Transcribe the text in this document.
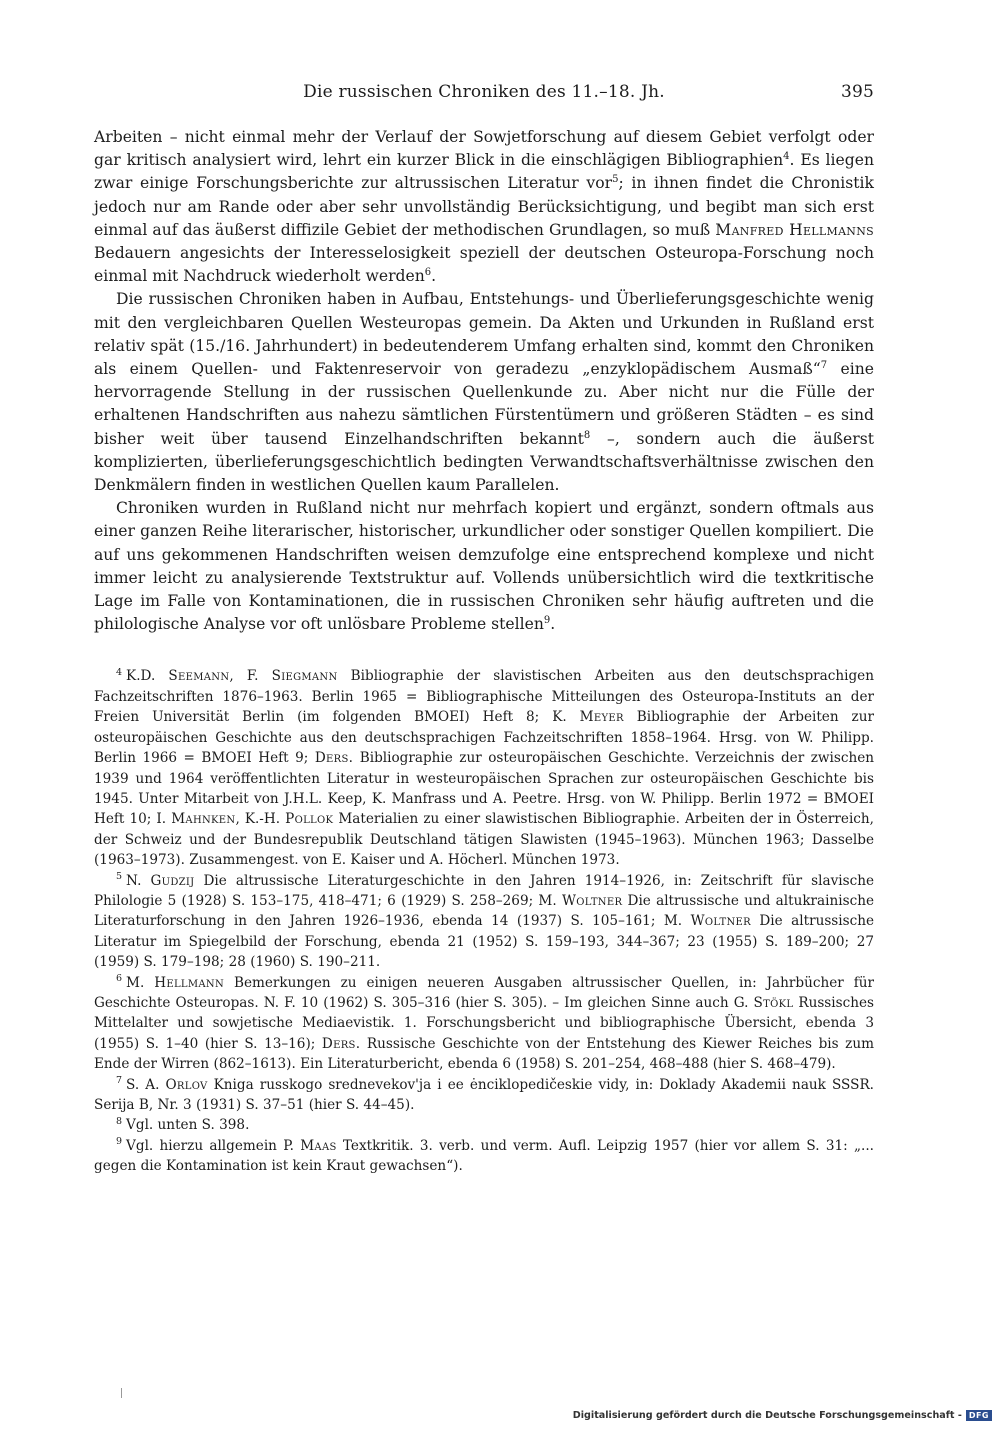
Die russischen Chroniken des 11.–18. Jh.	395

Arbeiten – nicht einmal mehr der Verlauf der Sowjetforschung auf diesem Gebiet verfolgt oder gar kritisch analysiert wird, lehrt ein kurzer Blick in die einschlägigen Bibliographien$^4$. Es liegen zwar einige Forschungsberichte zur altrussischen Literatur vor$^5$; in ihnen findet die Chronistik jedoch nur am Rande oder aber sehr unvollständig Berücksichtigung, und begibt man sich erst einmal auf das äußerst diffizile Gebiet der methodischen Grundlagen, so muß Manfred Hellmanns Bedauern angesichts der Interesselosigkeit speziell der deutschen Osteuropa-Forschung noch einmal mit Nachdruck wiederholt werden$^6$.

Die russischen Chroniken haben in Aufbau, Entstehungs- und Überlieferungsgeschichte wenig mit den vergleichbaren Quellen Westeuropas gemein. Da Akten und Urkunden in Rußland erst relativ spät (15./16. Jahrhundert) in bedeutenderem Umfang erhalten sind, kommt den Chroniken als einem Quellen- und Faktenreservoir von geradezu „enzyklopädischem Ausmaß“$^7$ eine hervorragende Stellung in der russischen Quellenkunde zu. Aber nicht nur die Fülle der erhaltenen Handschriften aus nahezu sämtlichen Fürstentümern und größeren Städten – es sind bisher weit über tausend Einzelhandschriften bekannt$^8$ –, sondern auch die äußerst komplizierten, überlieferungsgeschichtlich bedingten Verwandtschaftsverhältnisse zwischen den Denkmälern finden in westlichen Quellen kaum Parallelen.

Chroniken wurden in Rußland nicht nur mehrfach kopiert und ergänzt, sondern oftmals aus einer ganzen Reihe literarischer, historischer, urkundlicher oder sonstiger Quellen kompiliert. Die auf uns gekommenen Handschriften weisen demzufolge eine entsprechend komplexe und nicht immer leicht zu analysierende Textstruktur auf. Vollends unübersichtlich wird die textkritische Lage im Falle von Kontaminationen, die in russischen Chroniken sehr häufig auftreten und die philologische Analyse vor oft unlösbare Probleme stellen$^9$.

$^4$ K.D. Seemann, F. Siegmann Bibliographie der slavistischen Arbeiten aus den deutschsprachigen Fachzeitschriften 1876–1963. Berlin 1965 = Bibliographische Mitteilungen des Osteuropa-Instituts an der Freien Universität Berlin (im folgenden BMOEI) Heft 8; K. Meyer Bibliographie der Arbeiten zur osteuropäischen Geschichte aus den deutschsprachigen Fachzeitschriften 1858–1964. Hrsg. von W. Philipp. Berlin 1966 = BMOEI Heft 9; Ders. Bibliographie zur osteuropäischen Geschichte. Verzeichnis der zwischen 1939 und 1964 veröffentlichten Literatur in westeuropäischen Sprachen zur osteuropäischen Geschichte bis 1945. Unter Mitarbeit von J.H.L. Keep, K. Manfrass und A. Peetre. Hrsg. von W. Philipp. Berlin 1972 = BMOEI Heft 10; I. Mahnken, K.-H. Pollok Materialien zu einer slawistischen Bibliographie. Arbeiten der in Österreich, der Schweiz und der Bundesrepublik Deutschland tätigen Slawisten (1945–1963). München 1963; Dasselbe (1963–1973). Zusammengest. von E. Kaiser und A. Höcherl. München 1973.

$^5$ N. Gudzij Die altrussische Literaturgeschichte in den Jahren 1914–1926, in: Zeitschrift für slavische Philologie 5 (1928) S. 153–175, 418–471; 6 (1929) S. 258–269; M. Woltner Die altrussische und altukrainische Literaturforschung in den Jahren 1926–1936, ebenda 14 (1937) S. 105–161; M. Woltner Die altrussische Literatur im Spiegelbild der Forschung, ebenda 21 (1952) S. 159–193, 344–367; 23 (1955) S. 189–200; 27 (1959) S. 179–198; 28 (1960) S. 190–211.

$^6$ M. Hellmann Bemerkungen zu einigen neueren Ausgaben altrussischer Quellen, in: Jahrbücher für Geschichte Osteuropas. N. F. 10 (1962) S. 305–316 (hier S. 305). – Im gleichen Sinne auch G. Stökl Russisches Mittelalter und sowjetische Mediaevistik. 1. Forschungsbericht und bibliographische Übersicht, ebenda 3 (1955) S. 1–40 (hier S. 13–16); Ders. Russische Geschichte von der Entstehung des Kiewer Reiches bis zum Ende der Wirren (862–1613). Ein Literaturbericht, ebenda 6 (1958) S. 201–254, 468–488 (hier S. 468–479).

$^7$ S. A. Orlov Kniga russkogo srednevekov'ja i ee ėnciklopedičeskie vidy, in: Doklady Akademii nauk SSSR. Serija B, Nr. 3 (1931) S. 37–51 (hier S. 44–45).

$^8$ Vgl. unten S. 398.

$^9$ Vgl. hierzu allgemein P. Maas Textkritik. 3. verb. und verm. Aufl. Leipzig 1957 (hier vor allem S. 31: „... gegen die Kontamination ist kein Kraut gewachsen“).

Digitalisierung gefördert durch die Deutsche Forschungsgemeinschaft - DFG
